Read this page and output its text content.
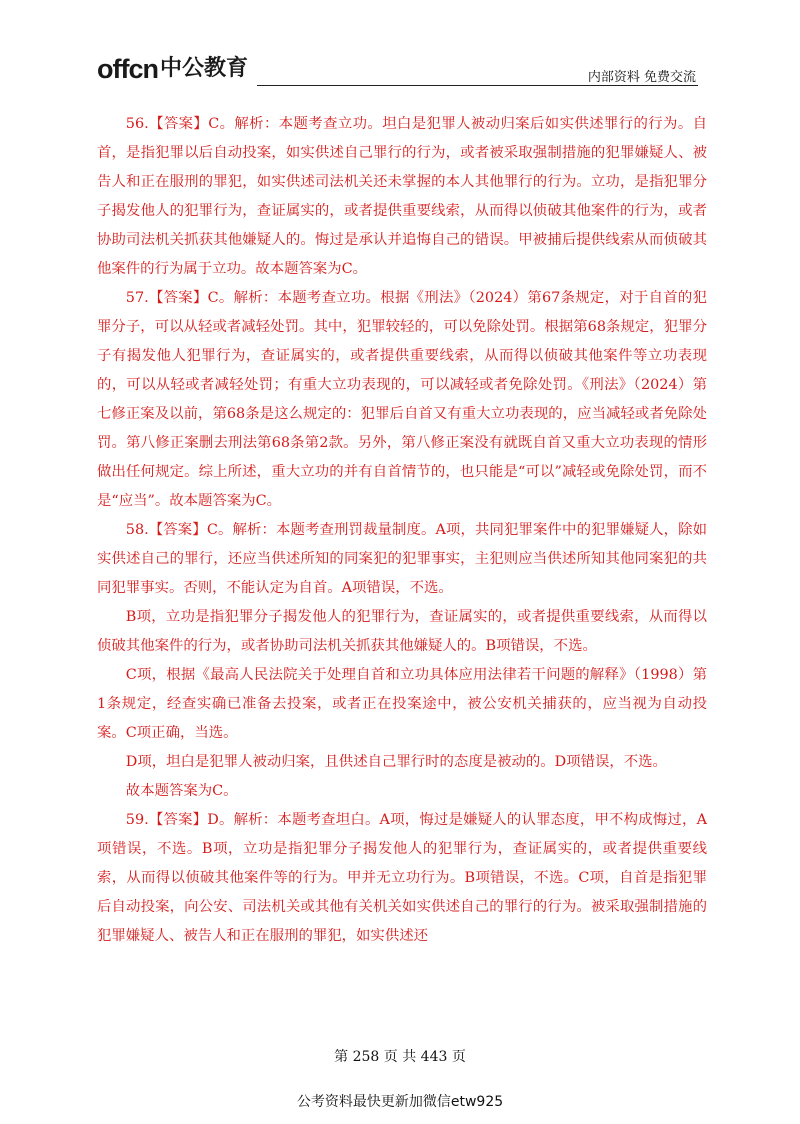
offcn 中公教育	内部资料 免费交流

56.【答案】C。解析：本题考查立功。坦白是犯罪人被动归案后如实供述罪行的行为。自首，是指犯罪以后自动投案，如实供述自己罪行的行为，或者被采取强制措施的犯罪嫌疑人、被告人和正在服刑的罪犯，如实供述司法机关还未掌握的本人其他罪行的行为。立功，是指犯罪分子揭发他人的犯罪行为，查证属实的，或者提供重要线索，从而得以侦破其他案件的行为，或者协助司法机关抓获其他嫌疑人的。悔过是承认并追悔自己的错误。甲被捕后提供线索从而侦破其他案件的行为属于立功。故本题答案为C。

57.【答案】C。解析：本题考查立功。根据《刑法》（2024）第67条规定，对于自首的犯罪分子，可以从轻或者减轻处罚。其中，犯罪较轻的，可以免除处罚。根据第68条规定，犯罪分子有揭发他人犯罪行为，查证属实的，或者提供重要线索，从而得以侦破其他案件等立功表现的，可以从轻或者减轻处罚；有重大立功表现的，可以减轻或者免除处罚。《刑法》（2024）第七修正案及以前，第68条是这么规定的：犯罪后自首又有重大立功表现的，应当减轻或者免除处罚。第八修正案删去刑法第68条第2款。另外，第八修正案没有就既自首又重大立功表现的情形做出任何规定。综上所述，重大立功的并有自首情节的，也只能是“可以”减轻或免除处罚，而不是“应当”。故本题答案为C。

58.【答案】C。解析：本题考查刑罚裁量制度。A项，共同犯罪案件中的犯罪嫌疑人，除如实供述自己的罪行，还应当供述所知的同案犯的犯罪事实，主犯则应当供述所知其他同案犯的共同犯罪事实。否则，不能认定为自首。A项错误，不选。

B项，立功是指犯罪分子揭发他人的犯罪行为，查证属实的，或者提供重要线索，从而得以侦破其他案件的行为，或者协助司法机关抓获其他嫌疑人的。B项错误，不选。

C项，根据《最高人民法院关于处理自首和立功具体应用法律若干问题的解释》（1998）第1条规定，经查实确已准备去投案，或者正在投案途中，被公安机关捕获的，应当视为自动投案。C项正确，当选。

D项，坦白是犯罪人被动归案，且供述自己罪行时的态度是被动的。D项错误，不选。

故本题答案为C。

59.【答案】D。解析：本题考查坦白。A项，悔过是嫌疑人的认罪态度，甲不构成悔过，A项错误，不选。B项，立功是指犯罪分子揭发他人的犯罪行为，查证属实的，或者提供重要线索，从而得以侦破其他案件等的行为。甲并无立功行为。B项错误，不选。C项，自首是指犯罪后自动投案，向公安、司法机关或其他有关机关如实供述自己的罪行的行为。被采取强制措施的犯罪嫌疑人、被告人和正在服刑的罪犯，如实供述还

第 258 页 共 443 页
公考资料最快更新加微信etw925
